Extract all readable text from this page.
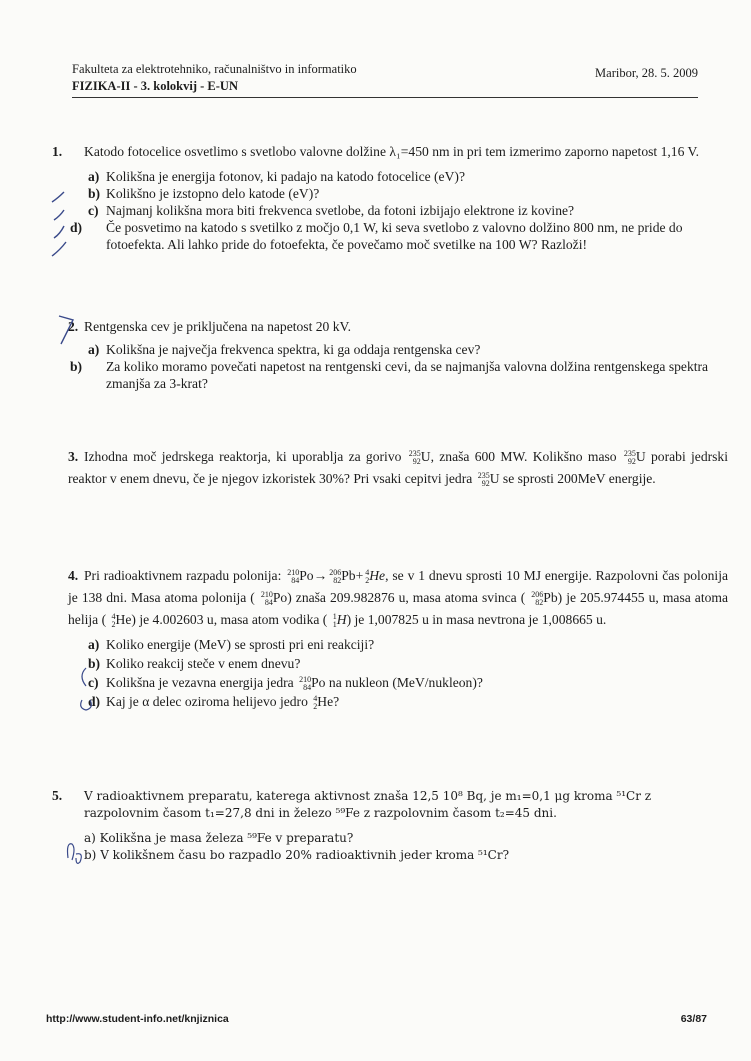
Fakulteta za elektrotehniko, računalništvo in informatiko
FIZIKA-II - 3. kolokvij - E-UN
Maribor, 28. 5. 2009
1. Katodo fotocelice osvetlimo s svetlobo valovne dolžine λ₁=450 nm in pri tem izmerimo zaporno napetost 1,16 V.
a) Kolikšna je energija fotonov, ki padajo na katodo fotocelice (eV)?
b) Kolikšno je izstopno delo katode (eV)?
c) Najmanj kolikšna mora biti frekvenca svetlobe, da fotoni izbijajo elektrone iz kovine?
d) Če posvetimo na katodo s svetilko z močjo 0,1 W, ki seva svetlobo z valovno dolžino 800 nm, ne pride do fotoefekta. Ali lahko pride do fotoefekta, če povečamo moč svetilke na 100 W? Razloži!
2. Rentgenska cev je priključena na napetost 20 kV.
a) Kolikšna je največja frekvenca spektra, ki ga oddaja rentgenska cev?
b) Za koliko moramo povečati napetost na rentgenski cevi, da se najmanjša valovna dolžina rentgenskega spektra zmanjša za 3-krat?
3. Izhodna moč jedrskega reaktorja, ki uporablja za gorivo 235
92 U, znaša 600 MW. Kolikšno maso 235
92 U porabi jedrski reaktor v enem dnevu, če je njegov izkoristek 30%? Pri vsaki cepitvi jedra 235
92 U se sprosti 200MeV energije.
4. Pri radioaktivnem razpadu polonija: 210
84 Po→ 206
82 Pb+ 4
2 He, se v 1 dnevu sprosti 10 MJ energije. Razpolovni čas polonija je 138 dni. Masa atoma polonija ( 210
84 Po) znaša 209.982876 u, masa atoma svinca ( 206
82 Pb) je 205.974455 u, masa atoma helija ( 4
2 He) je 4.002603 u, masa atom vodika ( 1
1 H) je 1,007825 u in masa nevtrona je 1,008665 u.
a) Koliko energije (MeV) se sprosti pri eni reakciji?
b) Koliko reakcij steče v enem dnevu?
c) Kolikšna je vezavna energija jedra 210
84 Po na nukleon (MeV/nukleon)?
d) Kaj je α delec oziroma helijevo jedro 4
2 He?
5. V radioaktivnem preparatu, katerega aktivnost znaša 12,5 10⁸ Bq, je m₁=0,1 μg kroma ⁵¹Cr z razpolovnim časom t₁=27,8 dni in železo ⁵⁹Fe z razpolovnim časom t₂=45 dni.
a) Kolikšna je masa železa ⁵⁹Fe v preparatu?
b) V kolikšnem času bo razpadlo 20% radioaktivnih jeder kroma ⁵¹Cr?
http://www.student-info.net/knjiznica	63/87
